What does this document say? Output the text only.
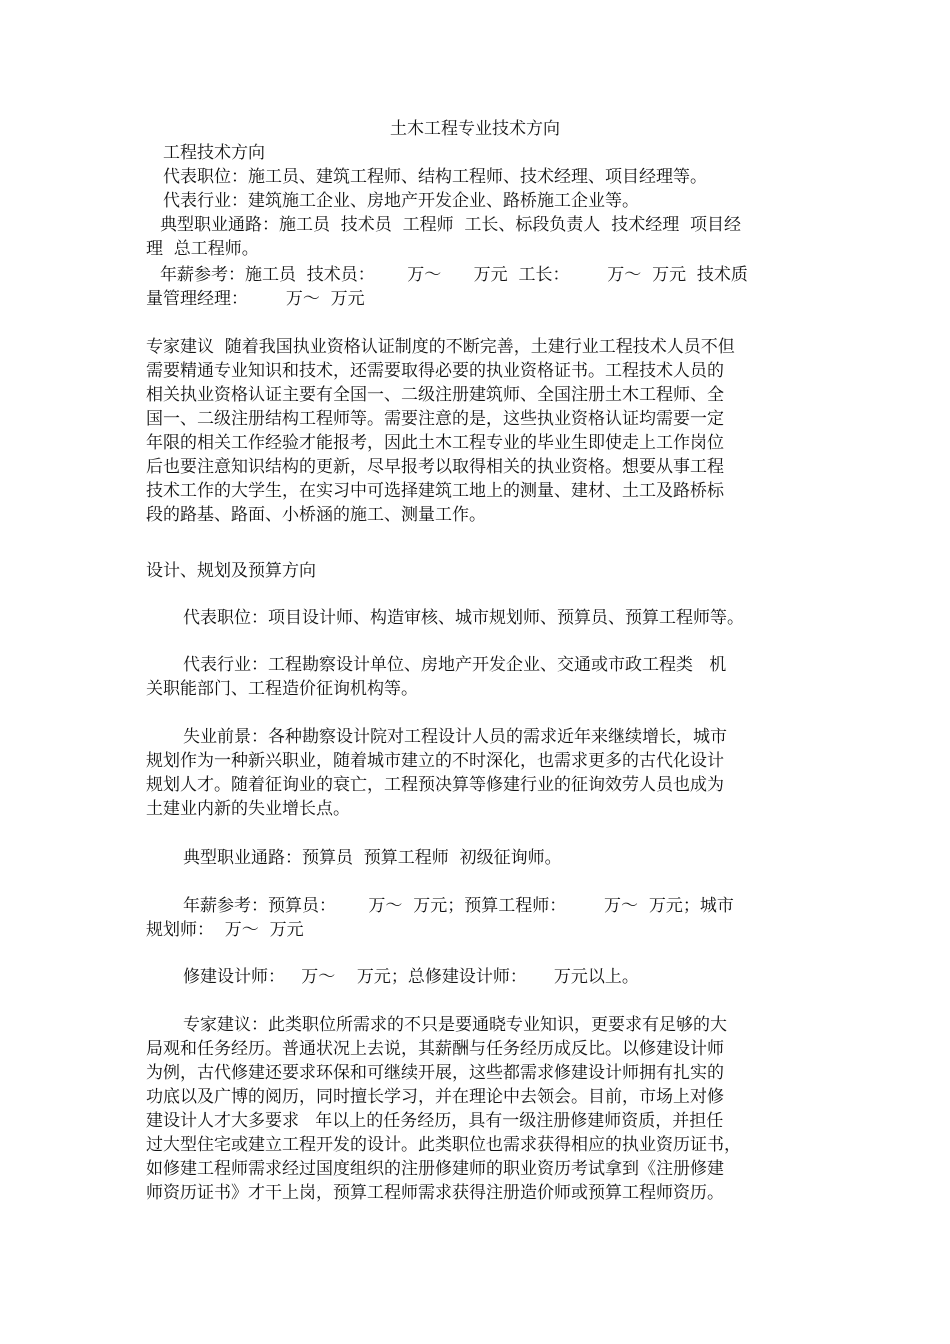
土木工程专业技术方向
工程技术方向
代表职位：施工员、建筑工程师、结构工程师、技术经理、项目经理等。
代表行业：建筑施工企业、房地产开发企业、路桥施工企业等。
典型职业通路：施工员  技术员  工程师  工长、标段负责人  技术经理  项目经
理  总工程师。
年薪参考：施工员  技术员：      万～      万元  工长：       万～  万元  技术质
量管理经理：       万～  万元
专家建议  随着我国执业资格认证制度的不断完善，土建行业工程技术人员不但
需要精通专业知识和技术，还需要取得必要的执业资格证书。工程技术人员的
相关执业资格认证主要有全国一、二级注册建筑师、全国注册土木工程师、全
国一、二级注册结构工程师等。需要注意的是，这些执业资格认证均需要一定
年限的相关工作经验才能报考，因此土木工程专业的毕业生即使走上工作岗位
后也要注意知识结构的更新，尽早报考以取得相关的执业资格。想要从事工程
技术工作的大学生，在实习中可选择建筑工地上的测量、建材、土工及路桥标
段的路基、路面、小桥涵的施工、测量工作。
设计、规划及预算方向
代表职位：项目设计师、构造审核、城市规划师、预算员、预算工程师等。
代表行业：工程勘察设计单位、房地产开发企业、交通或市政工程类   机
关职能部门、工程造价征询机构等。
失业前景：各种勘察设计院对工程设计人员的需求近年来继续增长，城市
规划作为一种新兴职业，随着城市建立的不时深化，也需求更多的古代化设计
规划人才。随着征询业的衰亡，工程预决算等修建行业的征询效劳人员也成为
土建业内新的失业增长点。
典型职业通路：预算员  预算工程师  初级征询师。
年薪参考：预算员：      万～  万元；预算工程师：       万～  万元；城市
规划师：  万～  万元
修建设计师：   万～    万元；总修建设计师：     万元以上。
专家建议：此类职位所需求的不只是要通晓专业知识，更要求有足够的大
局观和任务经历。普通状况上去说，其薪酬与任务经历成反比。以修建设计师
为例，古代修建还要求环保和可继续开展，这些都需求修建设计师拥有扎实的
功底以及广博的阅历，同时擅长学习，并在理论中去领会。目前，市场上对修
建设计人才大多要求   年以上的任务经历，具有一级注册修建师资质，并担任
过大型住宅或建立工程开发的设计。此类职位也需求获得相应的执业资历证书，
如修建工程师需求经过国度组织的注册修建师的职业资历考试拿到《注册修建
师资历证书》才干上岗，预算工程师需求获得注册造价师或预算工程师资历。
